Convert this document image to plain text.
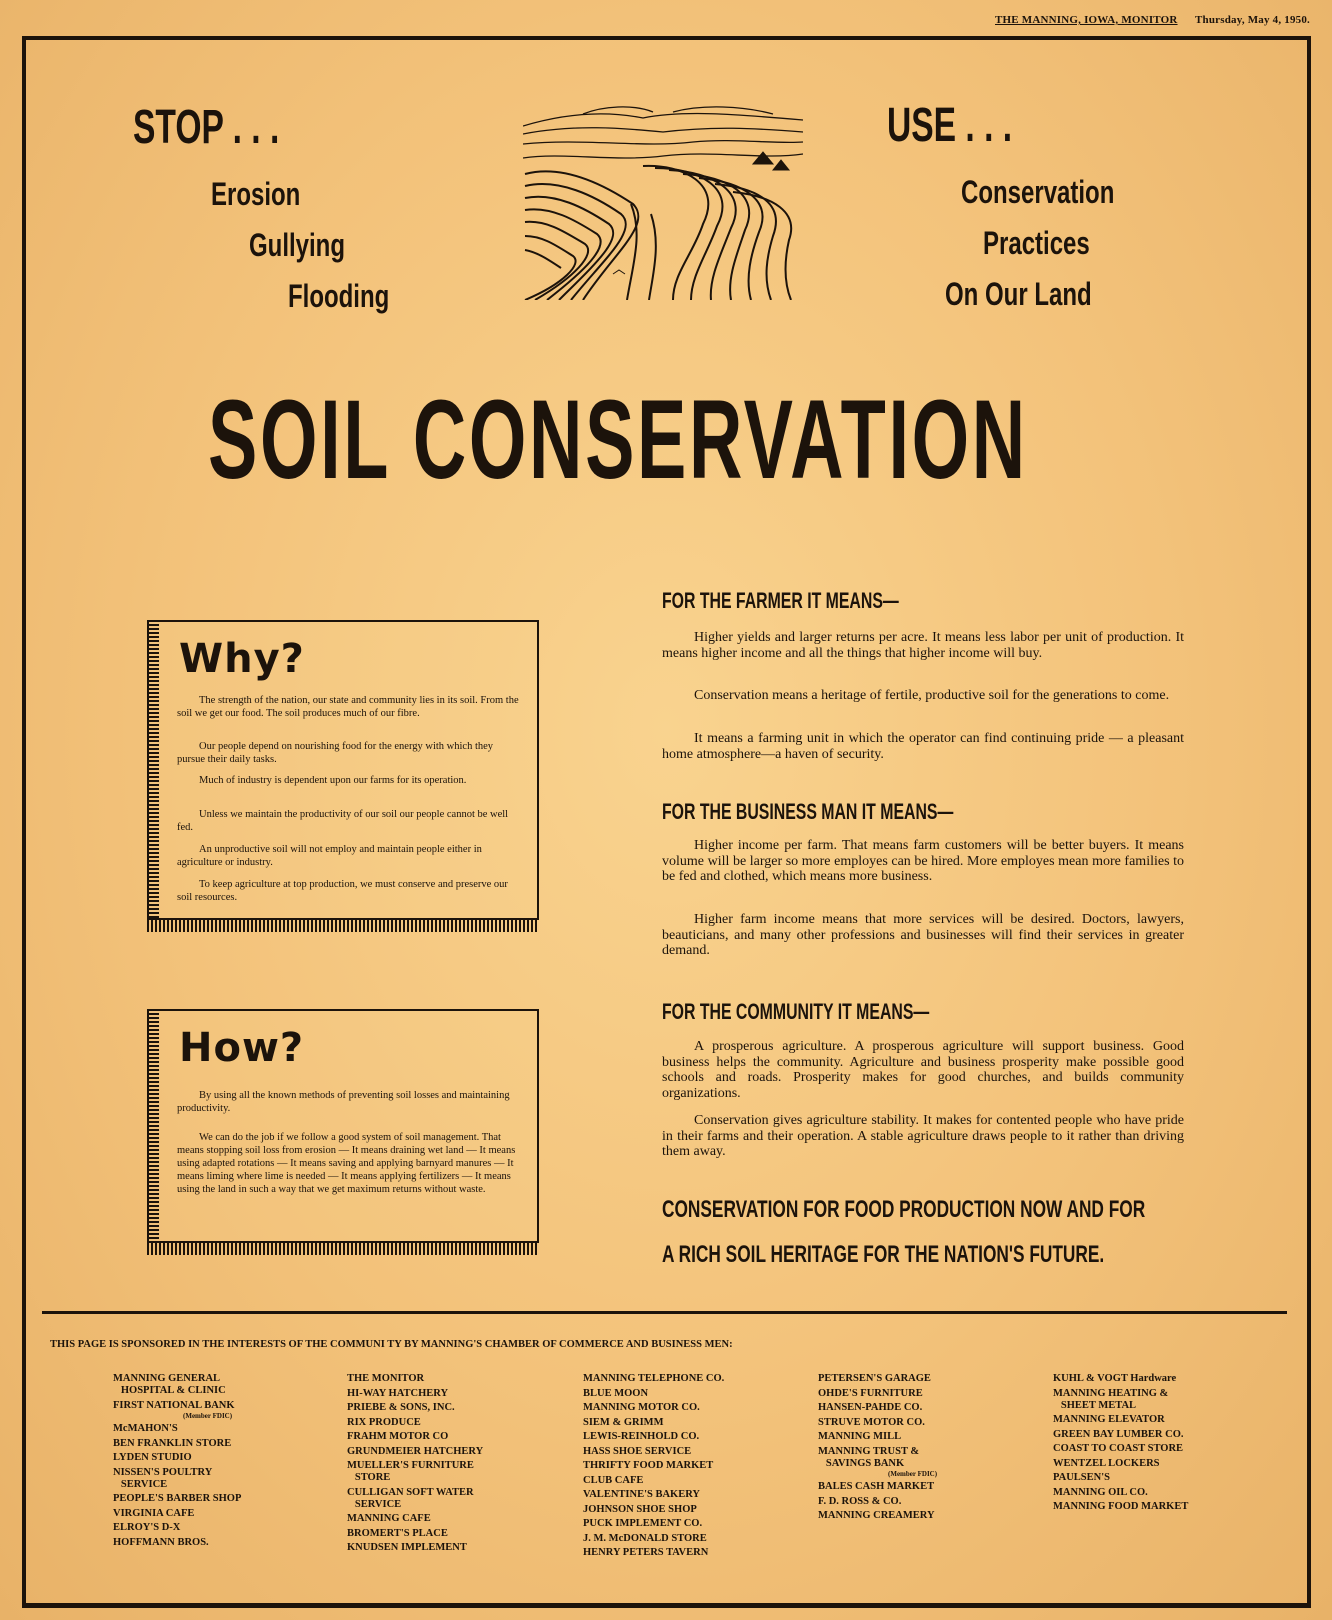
THE MANNING, IOWA, MONITOR Thursday, May 4, 1950.
STOP . . .
Erosion
Gullying
Flooding
USE . . .
Conservation
Practices
On Our Land
SOIL CONSERVATION
Why?

The strength of the nation, our state and community lies in its soil. From the soil we get our food. The soil produces much of our fibre.

Our people depend on nourishing food for the energy with which they pursue their daily tasks.

Much of industry is dependent upon our farms for its operation.

Unless we maintain the productivity of our soil our people cannot be well fed.

An unproductive soil will not employ and maintain people either in agriculture or industry.

To keep agriculture at top production, we must conserve and preserve our soil resources.

How?

By using all the known methods of preventing soil losses and maintaining productivity.

We can do the job if we follow a good system of soil management. That means stopping soil loss from erosion — It means draining wet land — It means using adapted rotations — It means saving and applying barnyard manures — It means liming where lime is needed — It means applying fertilizers — It means using the land in such a way that we get maximum returns without waste.

FOR THE FARMER IT MEANS—

Higher yields and larger returns per acre. It means less labor per unit of production. It means higher income and all the things that higher income will buy.

Conservation means a heritage of fertile, productive soil for the generations to come.

It means a farming unit in which the operator can find continuing pride — a pleasant home atmosphere—a haven of security.

FOR THE BUSINESS MAN IT MEANS—

Higher income per farm. That means farm customers will be better buyers. It means volume will be larger so more employes can be hired. More employes mean more families to be fed and clothed, which means more business.

Higher farm income means that more services will be desired. Doctors, lawyers, beauticians, and many other professions and businesses will find their services in greater demand.

FOR THE COMMUNITY IT MEANS—

A prosperous agriculture. A prosperous agriculture will support business. Good business helps the community. Agriculture and business prosperity make possible good schools and roads. Prosperity makes for good churches, and builds community organizations.

Conservation gives agriculture stability. It makes for contented people who have pride in their farms and their operation. A stable agriculture draws people to it rather than driving them away.

CONSERVATION FOR FOOD PRODUCTION NOW AND FOR
A RICH SOIL HERITAGE FOR THE NATION'S FUTURE.
THIS PAGE IS SPONSORED IN THE INTERESTS OF THE COMMUNI TY BY MANNING'S CHAMBER OF COMMERCE AND BUSINESS MEN:
MANNING GENERAL
HOSPITAL & CLINIC
FIRST NATIONAL BANK
(Member FDIC)
McMAHON'S
BEN FRANKLIN STORE
LYDEN STUDIO
NISSEN'S POULTRY
SERVICE
PEOPLE'S BARBER SHOP
VIRGINIA CAFE
ELROY'S D-X
HOFFMANN BROS.
THE MONITOR
HI-WAY HATCHERY
PRIEBE & SONS, INC.
RIX PRODUCE
FRAHM MOTOR CO
GRUNDMEIER HATCHERY
MUELLER'S FURNITURE
STORE
CULLIGAN SOFT WATER
SERVICE
MANNING CAFE
BROMERT'S PLACE
KNUDSEN IMPLEMENT
MANNING TELEPHONE CO.
BLUE MOON
MANNING MOTOR CO.
SIEM & GRIMM
LEWIS-REINHOLD CO.
HASS SHOE SERVICE
THRIFTY FOOD MARKET
CLUB CAFE
VALENTINE'S BAKERY
JOHNSON SHOE SHOP
PUCK IMPLEMENT CO.
J. M. McDONALD STORE
HENRY PETERS TAVERN
PETERSEN'S GARAGE
OHDE'S FURNITURE
HANSEN-PAHDE CO.
STRUVE MOTOR CO.
MANNING MILL
MANNING TRUST &
SAVINGS BANK
(Member FDIC)
BALES CASH MARKET
F. D. ROSS & CO.
MANNING CREAMERY
KUHL & VOGT Hardware
MANNING HEATING &
SHEET METAL
MANNING ELEVATOR
GREEN BAY LUMBER CO.
COAST TO COAST STORE
WENTZEL LOCKERS
PAULSEN'S
MANNING OIL CO.
MANNING FOOD MARKET
